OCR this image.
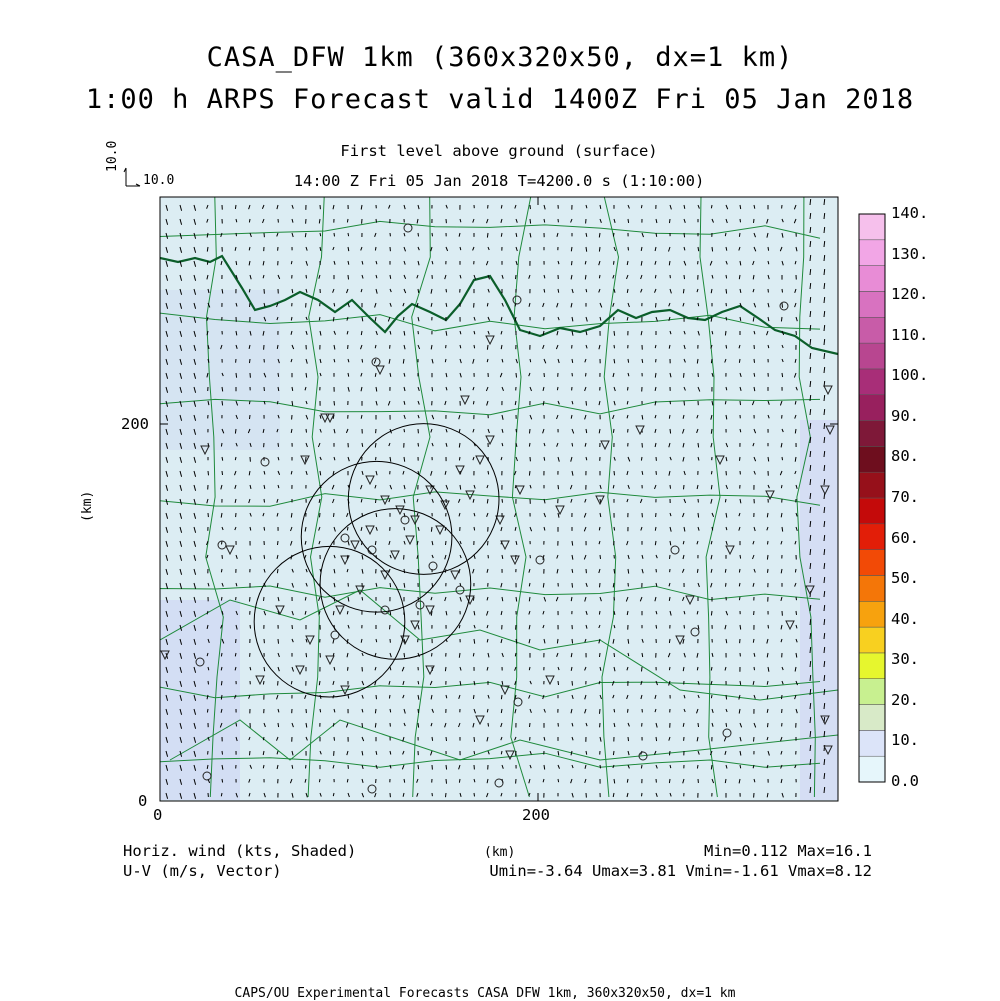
CASA_DFW 1km (360x320x50, dx=1 km)
1:00 h ARPS Forecast valid 1400Z Fri 05 Jan 2018
First level above ground (surface)
14:00 Z Fri 05 Jan 2018 T=4200.0 s (1:10:00)
10.0
10.0
0	200
0
200
(km)
Horiz. wind (kts, Shaded)
U-V (m/s, Vector)
(km)	Min=0.112 Max=16.1
Umin=-3.64 Umax=3.81 Vmin=-1.61 Vmax=8.12
CAPS/OU Experimental Forecasts CASA DFW 1km, 360x320x50, dx=1 km
0.0
10.
20.
30.
40.
50.
60.
70.
80.
90.
100.
110.
120.
130.
140.
